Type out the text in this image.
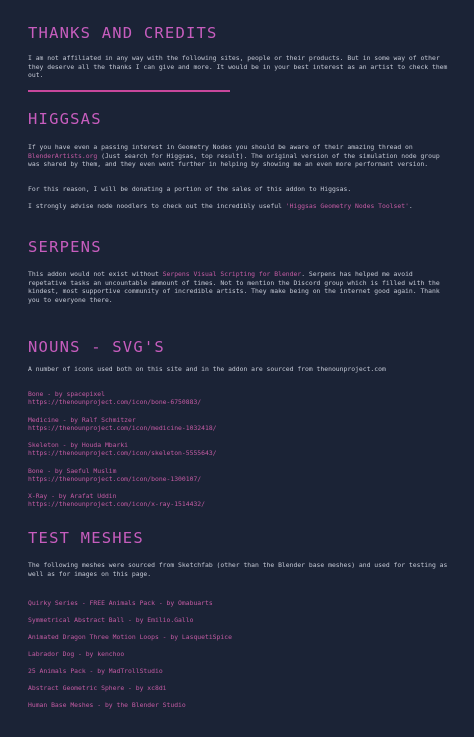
THANKS AND CREDITS

I am not affiliated in any way with the following sites, people or their products. But in some way of other they deserve all the thanks I can give and more. It would be in your best interest as an artist to check them out.

HIGGSAS

If you have even a passing interest in Geometry Nodes you should be aware of their amazing thread on BlenderArtists.org (Just search for Higgsas, top result). The original version of the simulation node group was shared by them, and they even went further in helping by showing me an even more performant version.

For this reason, I will be donating a portion of the sales of this addon to Higgsas.

I strongly advise node noodlers to check out the incredibly useful 'Higgsas Geometry Nodes Toolset'.

SERPENS

This addon would not exist without Serpens Visual Scripting for Blender. Serpens has helped me avoid repetative tasks an uncountable ammount of times. Not to mention the Discord group which is filled with the kindest, most supportive community of incredible artists. They make being on the internet good again. Thank you to everyone there.

NOUNS - SVG'S

A number of icons used both on this site and in the addon are sourced from thenounproject.com

Bone - by spacepixel
https://thenounproject.com/icon/bone-6750883/
Medicine - by Ralf Schmitzer
https://thenounproject.com/icon/medicine-1032418/
Skeleton - by Houda Mbarki
https://thenounproject.com/icon/skeleton-5555643/
Bone - by Saeful Muslim
https://thenounproject.com/icon/bone-1300107/
X-Ray - by Arafat Uddin
https://thenounproject.com/icon/x-ray-1514432/
TEST MESHES

The following meshes were sourced from Sketchfab (other than the Blender base meshes) and used for testing as well as for images on this page.

Quirky Series - FREE Animals Pack - by Omabuarts
Symmetrical Abstract Ball - by Emilio.Gallo
Animated Dragon Three Motion Loops - by LasquetiSpice
Labrador Dog - by kenchoo
25 Animals Pack - by MadTrollStudio
Abstract Geometric Sphere - by xc8di
Human Base Meshes - by the Blender Studio
